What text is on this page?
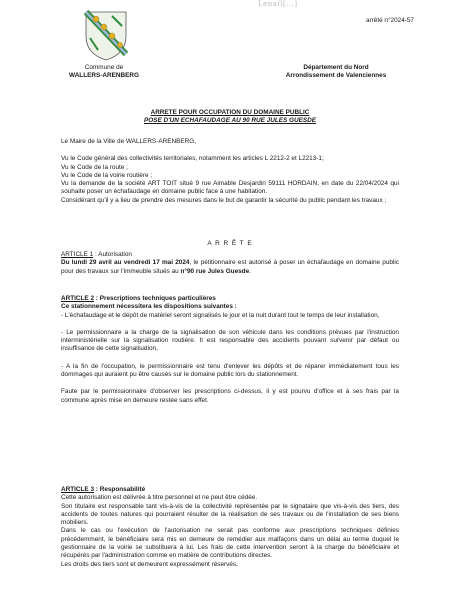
Lenaïl[...]
arrêté n°2024-57
Commune de
WALLERS-ARENBERG
Département du Nord
Arrondissement de Valenciennes
ARRETE POUR OCCUPATION DU DOMAINE PUBLIC
POSE D'UN ECHAFAUDAGE AU 90 RUE JULES GUESDE

Le Maire de la Ville de WALLERS-ARENBERG,

Vu le Code général des collectivités territoriales, notamment les articles L 2212-2 et L2213-1;

Vu le Code de la route ;

Vu le Code de la voirie routière ;

Vu la demande de la société ART TOIT situé 9 rue Aimable Desjardin 59111 HORDAIN, en date du 22/04/2024 qui souhaite poser un échafaudage en domaine public face à une habitation.

Considérant qu'il y a lieu de prendre des mesures dans le but de garantir la sécurité du public pendant les travaux ;

A R R Ê T E

ARTICLE 1 : Autorisation

Du lundi 29 avril au vendredi 17 mai 2024, le pétitionnaire est autorisé à poser un échafaudage en domaine public pour des travaux sur l'immeuble situés au n°90 rue Jules Guesde.

ARTICLE 2 : Prescriptions techniques particulières

Ce stationnement nécessitera les dispositions suivantes :

- L'échafaudage et le dépôt de matériel seront signalisés le jour et la nuit durant tout le temps de leur installation,

- Le permissionnaire a la charge de la signalisation de son véhicule dans les conditions prévues par l'instruction interministérielle sur la signalisation routière. Il est responsable des accidents pouvant survenir par défaut ou insuffisance de cette signalisation,

- A la fin de l'occupation, le permissionnaire est tenu d'enlever les dépôts et de réparer immédiatement tous les dommages qui auraient pu être causés sur le domaine public lors du stationnement.

Faute par le permissionnaire d'observer les prescriptions ci-dessus, il y est pourvu d'office et à ses frais par la commune après mise en demeure restée sans effet.

ARTICLE 3 : Responsabilité

Cette autorisation est délivrée à titre personnel et ne peut être cédée.

Son titulaire est responsable tant vis-à-vis de la collectivité représentée par le signataire que vis-à-vis des tiers, des accidents de toutes natures qui pourraient résulter de la réalisation de ses travaux ou de l'installation de ses biens mobiliers.

Dans le cas ou l'exécution de l'autorisation ne serait pas conforme aux prescriptions techniques définies précédemment, le bénéficiaire sera mis en demeure de remédier aux malfaçons dans un délai au terme duquel le gestionnaire de la voirie se substituera à lui. Les frais de cette intervention seront à la charge du bénéficiaire et récupérés par l'administration comme en matière de contributions directes.

Les droits des tiers sont et demeurent expressément réservés.
